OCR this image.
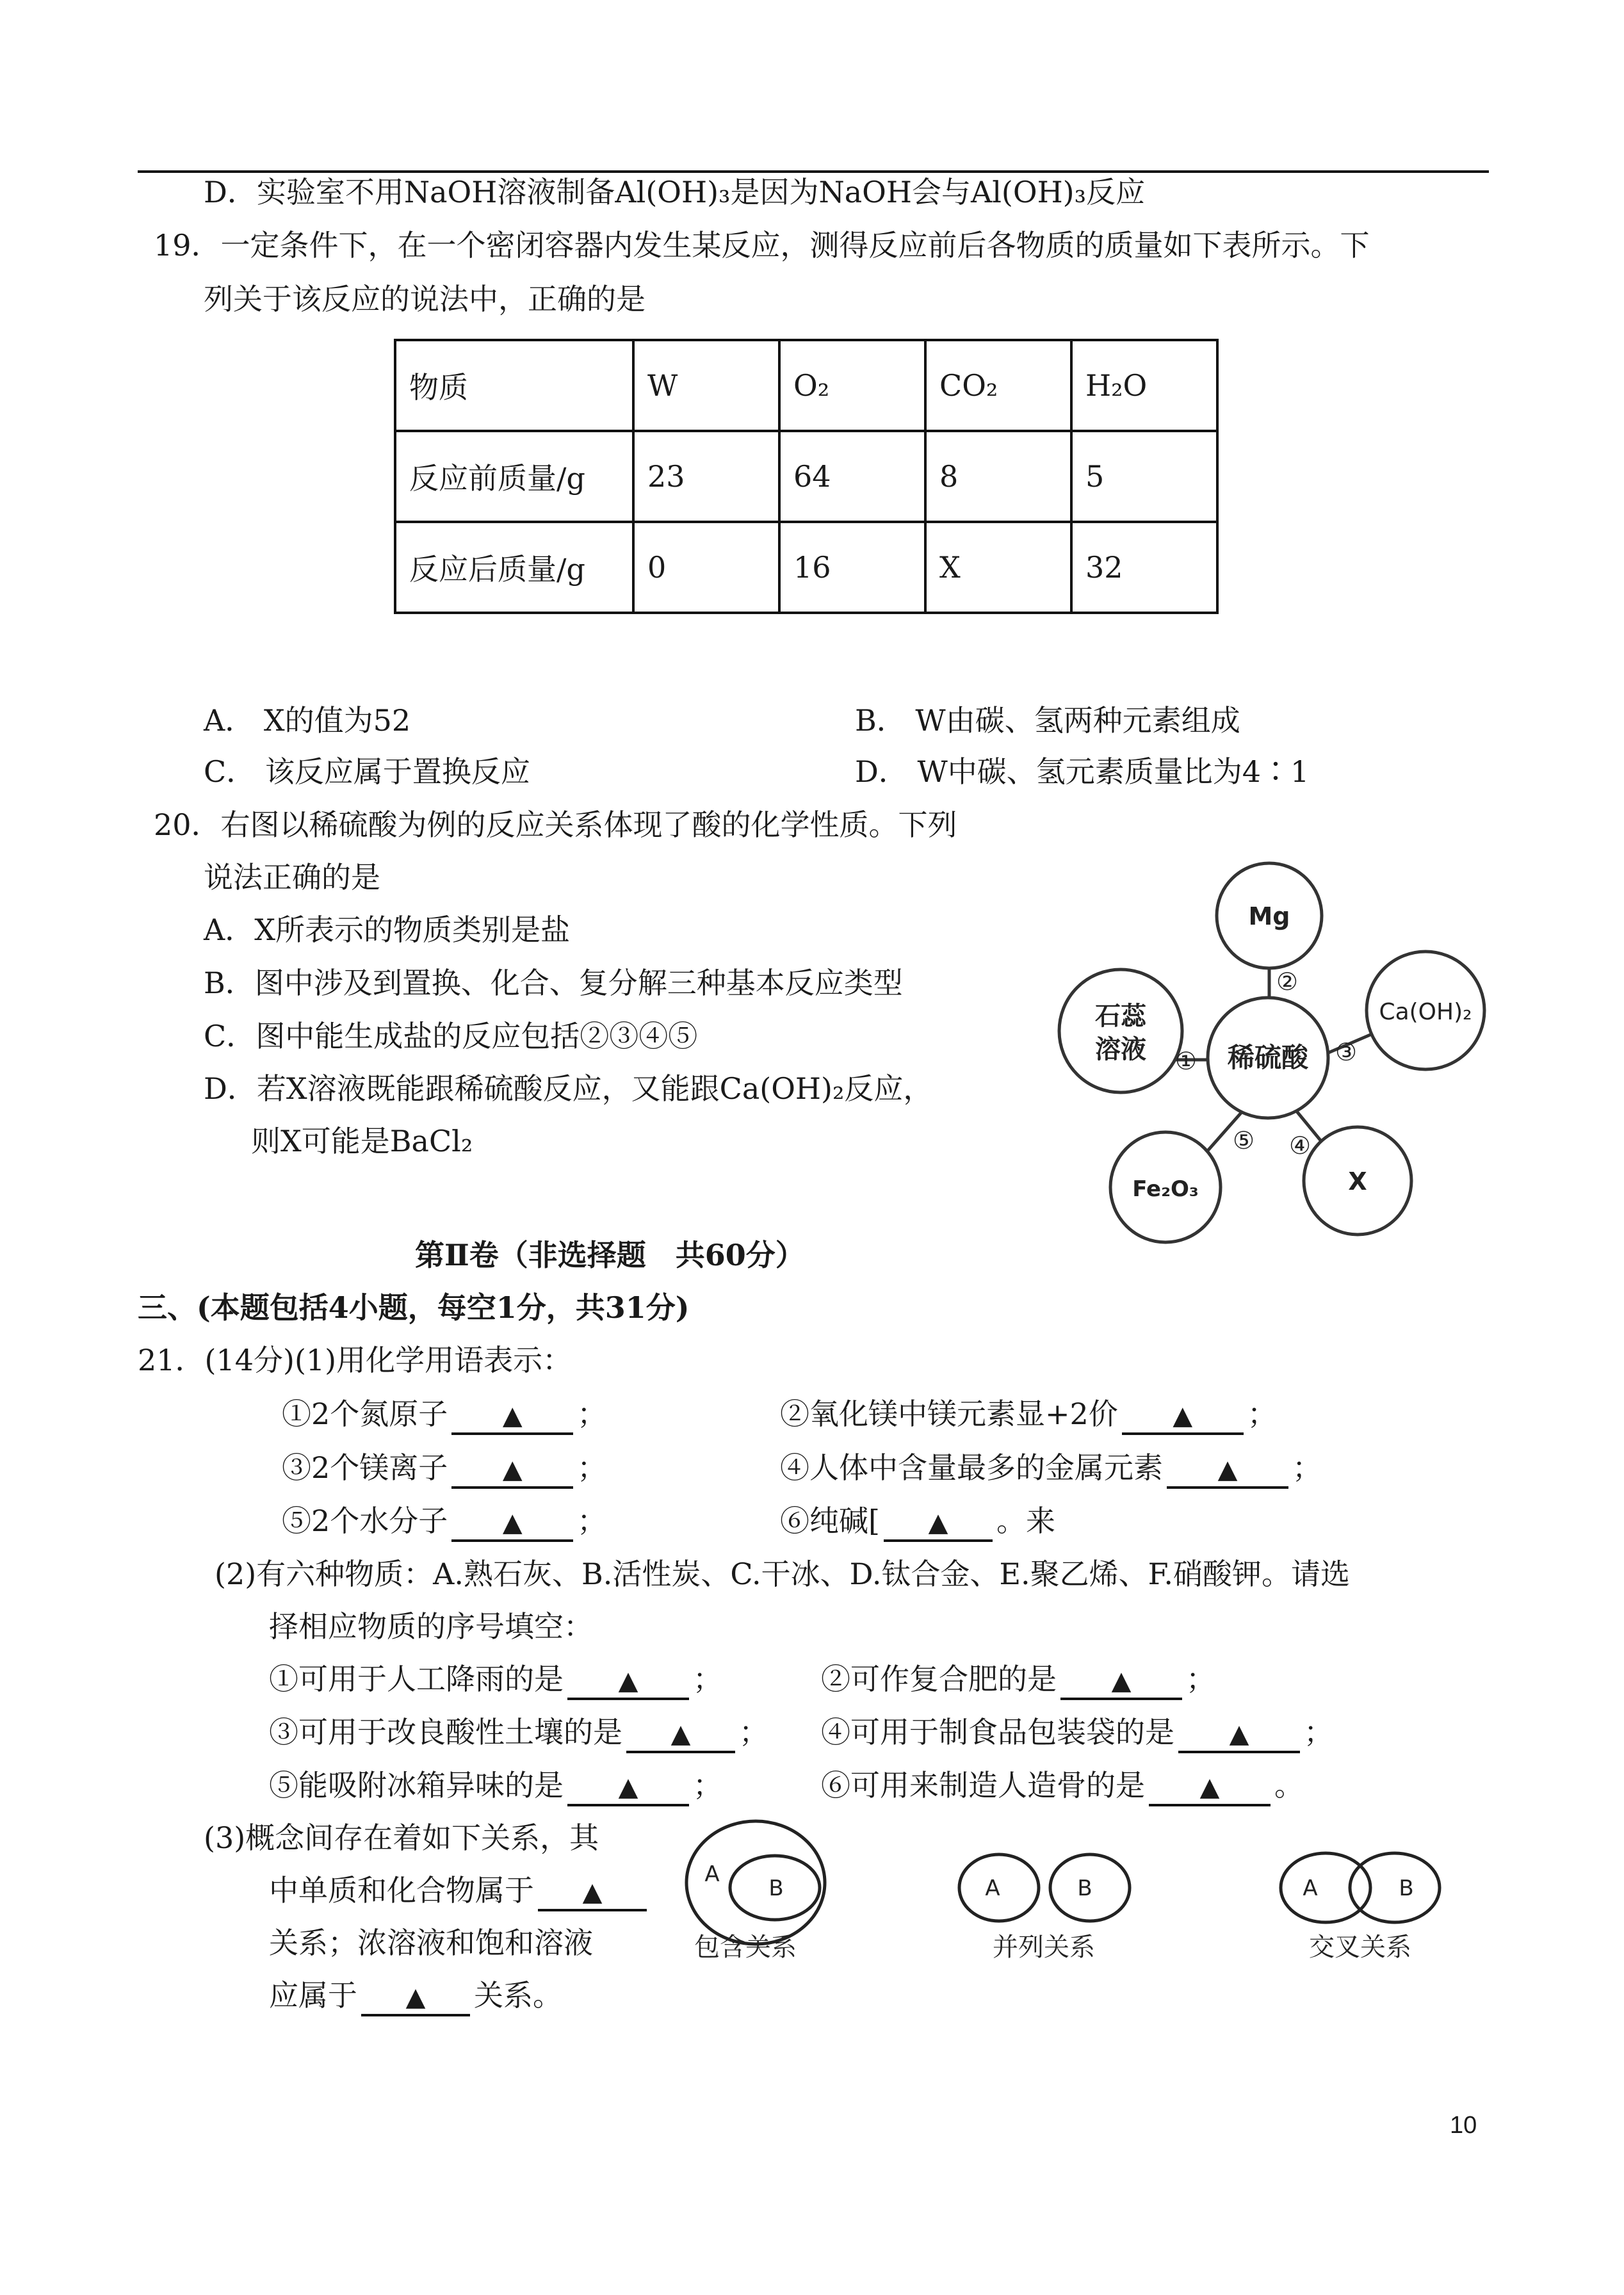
D．实验室不用NaOH溶液制备Al(OH)₃是因为NaOH会与Al(OH)₃反应
19．一定条件下，在一个密闭容器内发生某反应，测得反应前后各物质的质量如下表所示。下
列关于该反应的说法中，正确的是
物质	W	O₂	CO₂	H₂O
反应前质量/g	23	64	8	5
反应后质量/g	0	16	X	32
A． X的值为52	B． W由碳、氢两种元素组成
C． 该反应属于置换反应	D． W中碳、氢元素质量比为4∶1
20．右图以稀硫酸为例的反应关系体现了酸的化学性质。下列
说法正确的是
A．X所表示的物质类别是盐
B．图中涉及到置换、化合、复分解三种基本反应类型
C．图中能生成盐的反应包括②③④⑤
D．若X溶液既能跟稀硫酸反应，又能跟Ca(OH)₂反应，
则X可能是BaCl₂
Mg
石蕊
溶液
Ca(OH)₂
稀硫酸
X
Fe₂O₃
①
②
③
④
⑤
第Ⅱ卷（非选择题　共60分）
三、(本题包括4小题，每空1分，共31分)
21．(14分)(1)用化学用语表示：
①2个氮原子 ▲ ；	②氧化镁中镁元素显+2价 ▲ ；
③2个镁离子 ▲ ；	④人体中含量最多的金属元素 ▲ ；
⑤2个水分子 ▲ ；	⑥纯碱[ ▲ 。来
(2)有六种物质：A.熟石灰、B.活性炭、C.干冰、D.钛合金、E.聚乙烯、F.硝酸钾。请选
择相应物质的序号填空：
①可用于人工降雨的是 ▲ ；	②可作复合肥的是 ▲ ；
③可用于改良酸性土壤的是 ▲ ； ④可用于制食品包装袋的是 ▲ ；
⑤能吸附冰箱异味的是 ▲ ；	⑥可用来制造人造骨的是 ▲ 。
(3)概念间存在着如下关系，其
中单质和化合物属于 ▲
关系；浓溶液和饱和溶液
应属于 ▲ 关系。
A
B	A	B	A	B
包含关系	并列关系	交叉关系
10
